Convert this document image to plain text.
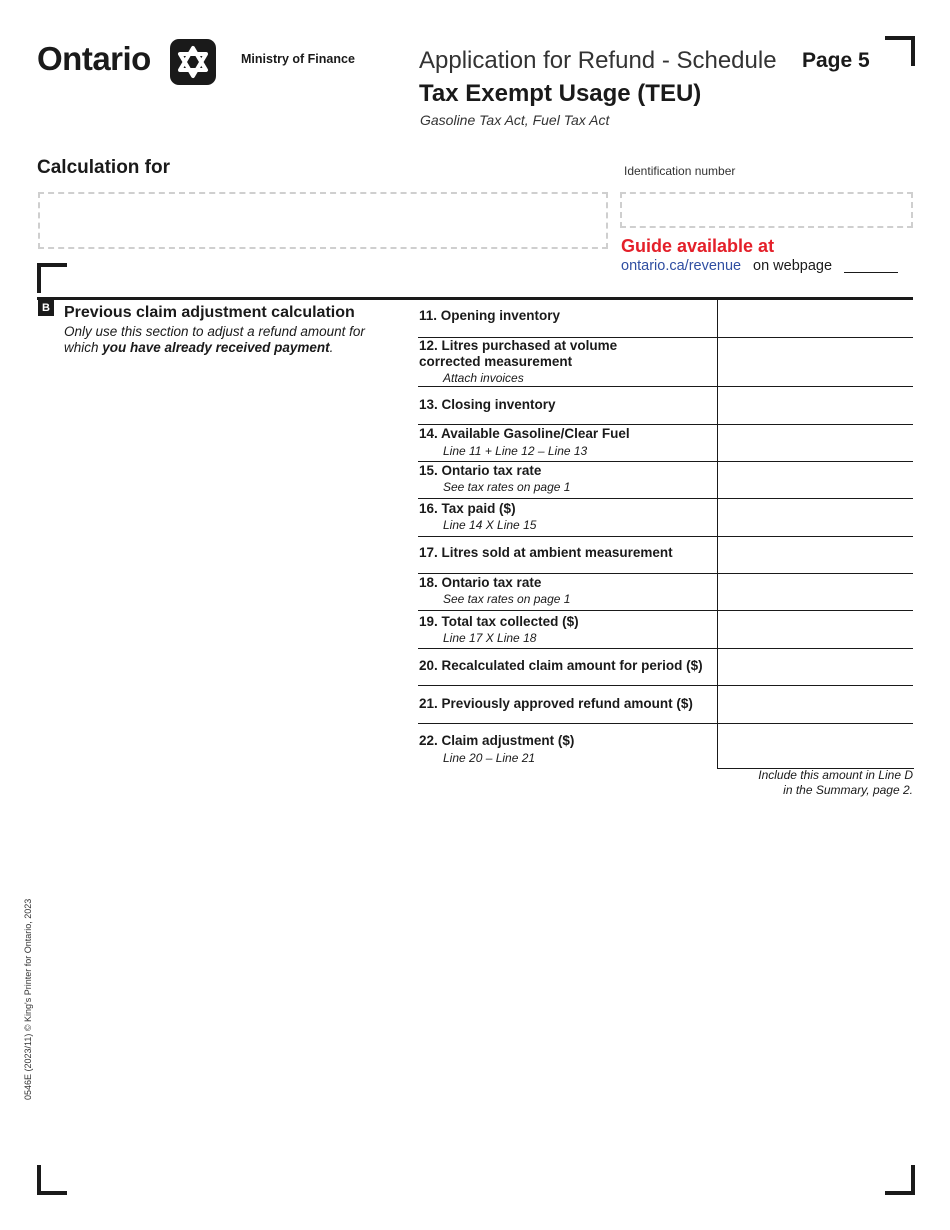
Ontario	Ministry of Finance	Application for Refund - Schedule
Tax Exempt Usage (TEU)
Gasoline Tax Act, Fuel Tax Act
Page 5
Calculation for	Identification number
Guide available at
ontario.ca/revenue on webpage
B Previous claim adjustment calculation
Only use this section to adjust a refund amount for which you have already received payment.
11. Opening inventory
12. Litres purchased at volume corrected measurement
Attach invoices
13. Closing inventory
14. Available Gasoline/Clear Fuel
Line 11 + Line 12 – Line 13
15. Ontario tax rate
See tax rates on page 1
16. Tax paid ($)
Line 14 X Line 15
17. Litres sold at ambient measurement
18. Ontario tax rate
See tax rates on page 1
19. Total tax collected ($)
Line 17 X Line 18
20. Recalculated claim amount for period ($)
21. Previously approved refund amount ($)
22. Claim adjustment ($)
Line 20 – Line 21
Include this amount in Line D
in the Summary, page 2.
0546E (2023/11) © King's Printer for Ontario, 2023
